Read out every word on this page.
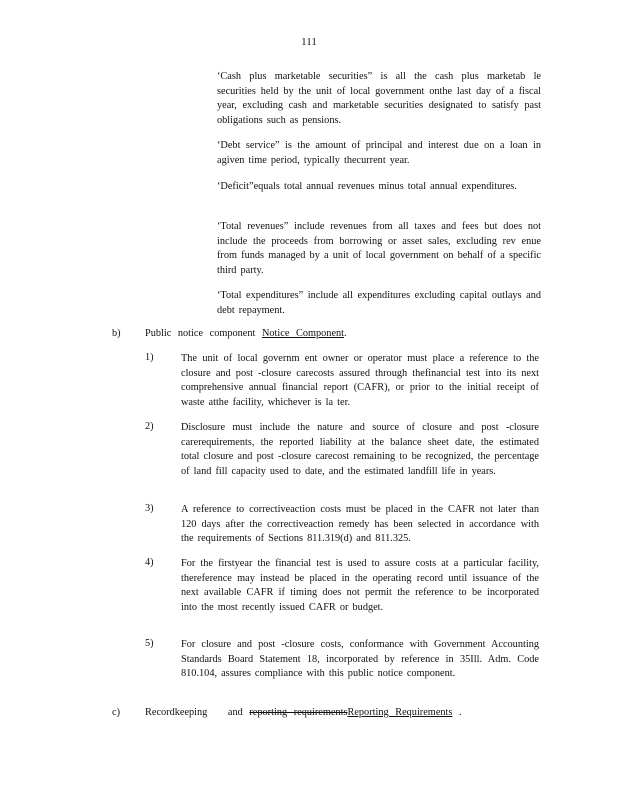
111
‘Cash plus marketable securities” is all the cash plus marketab le securities held by the unit of local government onthe last day of a fiscal year, excluding cash and marketable securities designated to satisfy past obligations such as pensions.
‘Debt service” is the amount of principal and interest due on a loan in agiven time period, typically thecurrent year.
‘Deficit”equals total annual revenues minus total annual expenditures.
‘Total revenues” include revenues from all taxes and fees but does not include the proceeds from borrowing or asset sales, excluding rev enue from funds managed by a unit of local government on behalf of a specific third party.
‘Total expenditures” include all expenditures excluding capital outlays and debt repayment.
b) Public notice component Notice Component.
1)	The unit of local governm ent owner or operator must place a reference to the closure and post -closure carecosts assured through thefinancial test into its next comprehensive annual financial report (CAFR), or prior to the initial receipt of waste atthe facility, whichever is la ter.
2)	Disclosure must include the nature and source of closure and post -closure carerequirements, the reported liability at the balance sheet date, the estimated total closure and post -closure carecost remaining to be recognized, the percentage of land fill capacity used to date, and the estimated landfill life in years.
3)	A reference to correctiveaction costs must be placed in the CAFR not later than 120 days after the correctiveaction remedy has been selected in accordance with the requirements of Sections 811.319(d) and 811.325.
4)	For the firstyear the financial test is used to assure costs at a particular facility, thereference may instead be placed in the operating record until issuance of the next available CAFR if timing does not permit the reference to be incorporated into the most recently issued CAFR or budget.
5)	For closure and post -closure costs, conformance with Government Accounting Standards Board Statement 18, incorporated by reference in 35Ill. Adm. Code 810.104, assures compliance with this public notice component.
c) Recordkeeping and reporting requirementsReporting Requirements .
